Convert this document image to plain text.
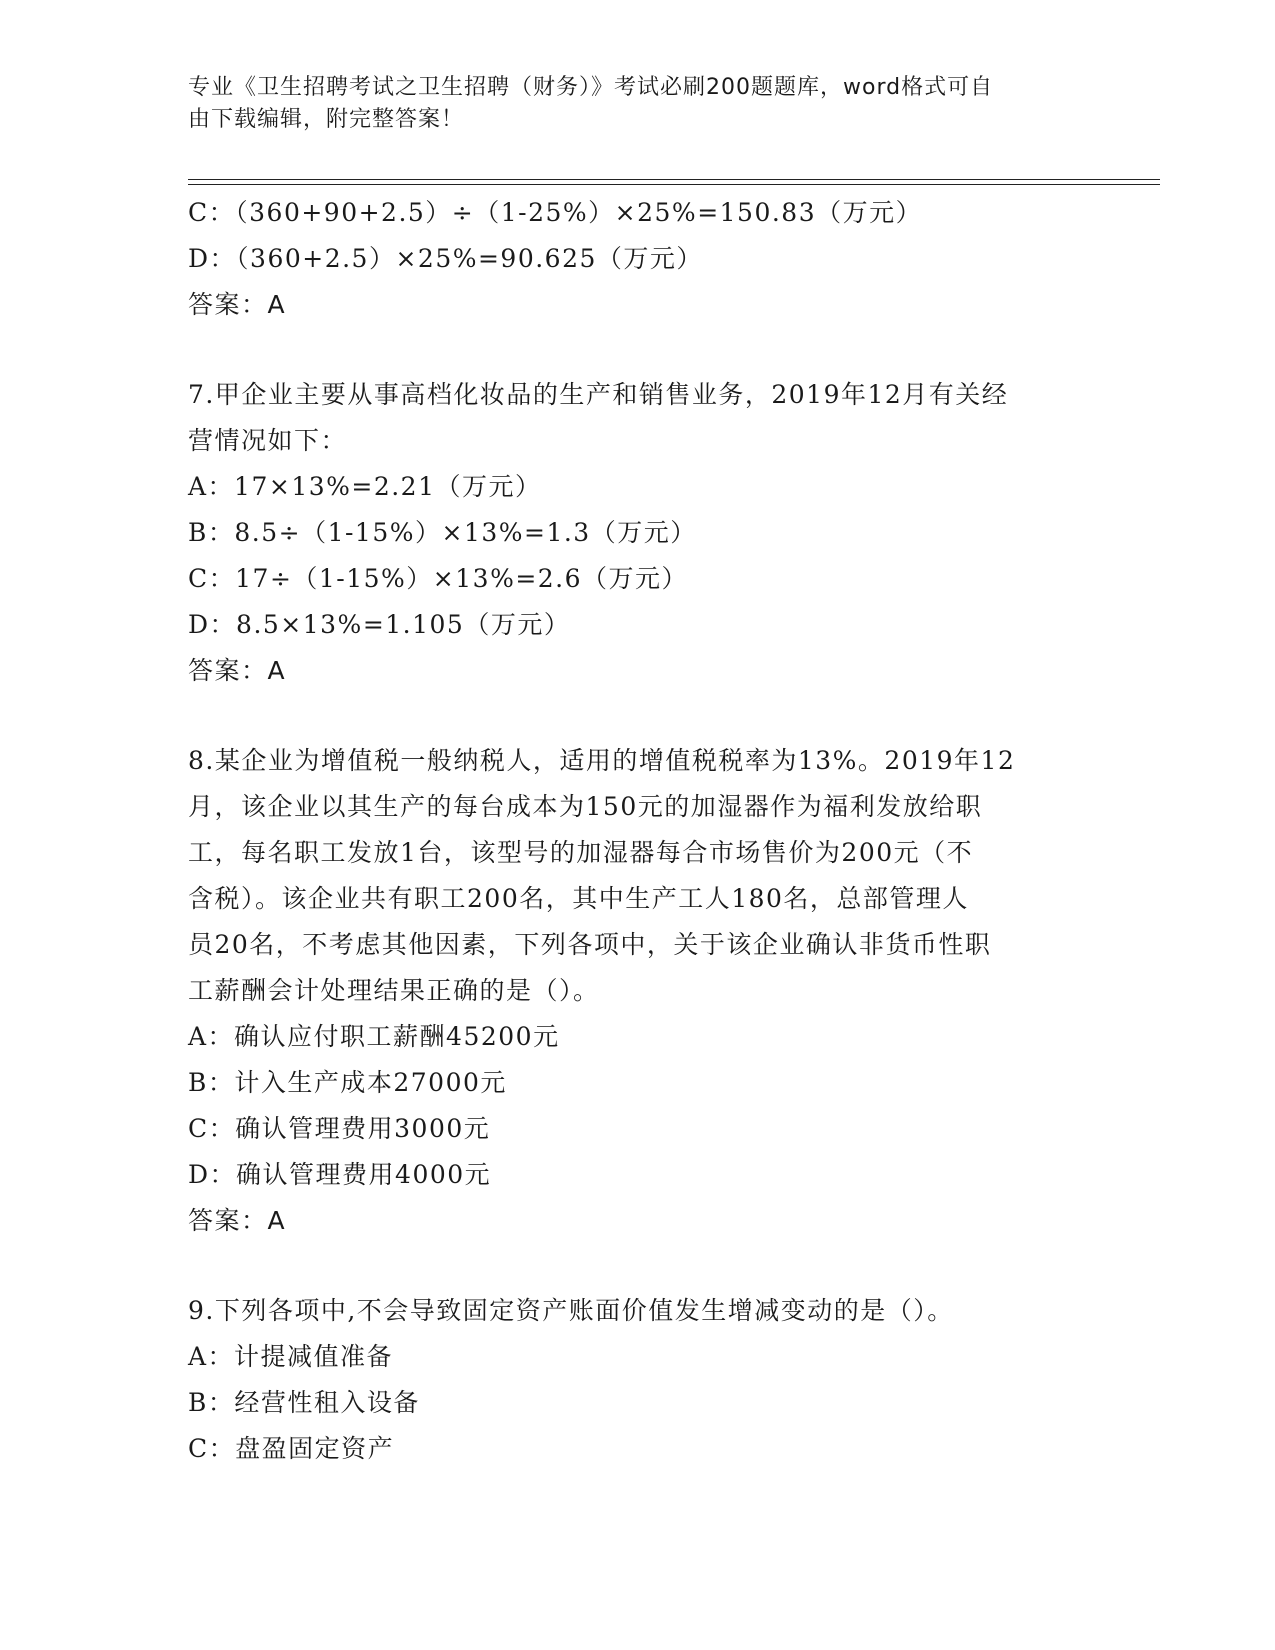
专业《卫生招聘考试之卫生招聘（财务）》考试必刷200题题库，word格式可自
由下载编辑，附完整答案！
C：（360+90+2.5）÷（1-25%）×25%=150.83（万元）
D：（360+2.5）×25%=90.625（万元）
答案：A
7.甲企业主要从事高档化妆品的生产和销售业务，2019年12月有关经
营情况如下：
A：17×13%=2.21（万元）
B：8.5÷（1-15%）×13%=1.3（万元）
C：17÷（1-15%）×13%=2.6（万元）
D：8.5×13%=1.105（万元）
答案：A
8.某企业为增值税一般纳税人，适用的增值税税率为13%。2019年12
月，该企业以其生产的每台成本为150元的加湿器作为福利发放给职
工，每名职工发放1台，该型号的加湿器每合市场售价为200元（不
含税）。该企业共有职工200名，其中生产工人180名，总部管理人
员20名，不考虑其他因素，下列各项中，关于该企业确认非货币性职
工薪酬会计处理结果正确的是（）。
A：确认应付职工薪酬45200元
B：计入生产成本27000元
C：确认管理费用3000元
D：确认管理费用4000元
答案：A
9.下列各项中,不会导致固定资产账面价值发生增减变动的是（）。
A：计提减值准备
B：经营性租入设备
C：盘盈固定资产
